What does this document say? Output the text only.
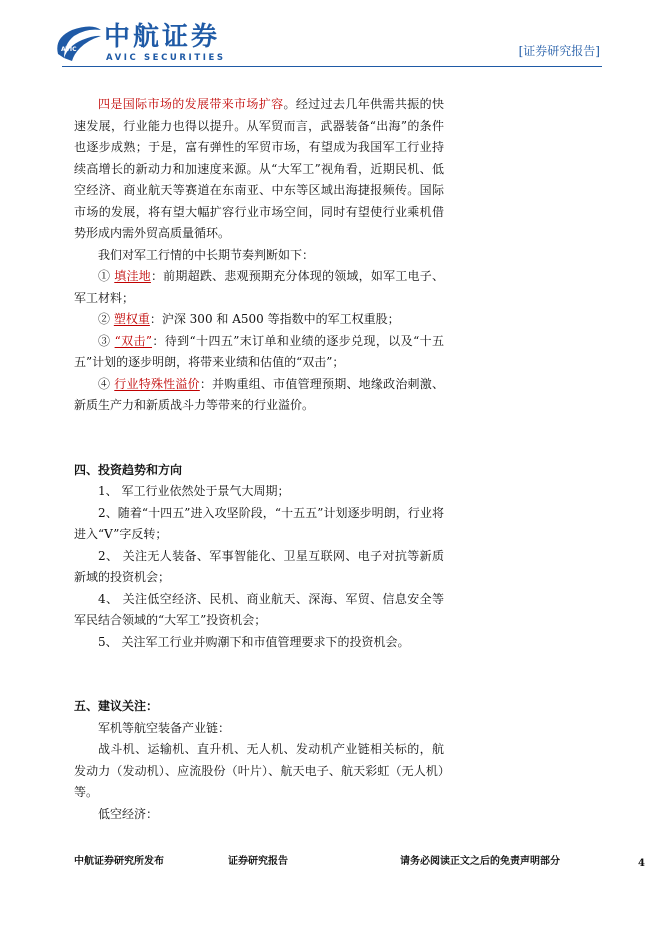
AVIC 中航证券
AVIC SECURITIES	[证券研究报告]

四是国际市场的发展带来市场扩容。经过过去几年供需共振的快速发展，行业能力也得以提升。从军贸而言，武器装备“出海”的条件也逐步成熟；于是，富有弹性的军贸市场，有望成为我国军工行业持续高增长的新动力和加速度来源。从“大军工”视角看，近期民机、低空经济、商业航天等赛道在东南亚、中东等区域出海捷报频传。国际市场的发展，将有望大幅扩容行业市场空间，同时有望使行业乘机借势形成内需外贸高质量循环。

我们对军工行情的中长期节奏判断如下：

① 填洼地：前期超跌、悲观预期充分体现的领域，如军工电子、军工材料；

② 塑权重：沪深 300 和 A500 等指数中的军工权重股；

③ “双击”：待到“十四五”末订单和业绩的逐步兑现，以及“十五五”计划的逐步明朗，将带来业绩和估值的“双击”；

④ 行业特殊性溢价：并购重组、市值管理预期、地缘政治刺激、新质生产力和新质战斗力等带来的行业溢价。

四、投资趋势和方向

1、 军工行业依然处于景气大周期；

2、随着“十四五”进入攻坚阶段，“十五五”计划逐步明朗，行业将进入“V”字反转；

2、 关注无人装备、军事智能化、卫星互联网、电子对抗等新质新域的投资机会；

4、 关注低空经济、民机、商业航天、深海、军贸、信息安全等军民结合领域的“大军工”投资机会；

5、 关注军工行业并购潮下和市值管理要求下的投资机会。

五、建议关注：

军机等航空装备产业链：

战斗机、运输机、直升机、无人机、发动机产业链相关标的，航发动力（发动机）、应流股份（叶片）、航天电子、航天彩虹（无人机）等。

低空经济：

中航证券研究所发布	证券研究报告	请务必阅读正文之后的免责声明部分	4
